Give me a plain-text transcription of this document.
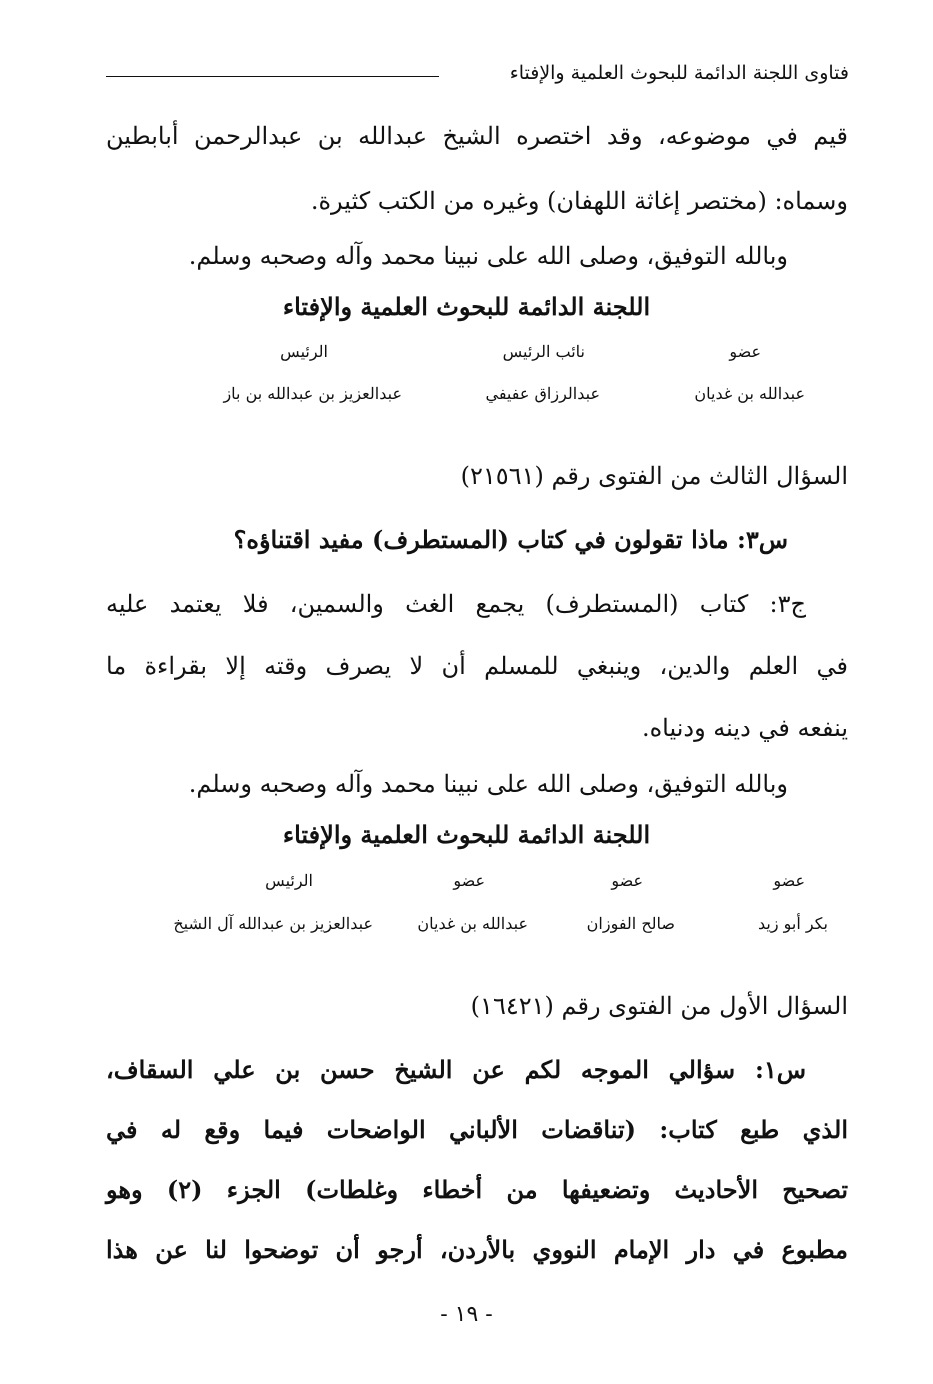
فتاوى اللجنة الدائمة للبحوث العلمية والإفتاء
قيم في موضوعه، وقد اختصره الشيخ عبدالله بن عبدالرحمن أبابطين
وسماه: (مختصر إغاثة اللهفان) وغيره من الكتب كثيرة.
وبالله التوفيق، وصلى الله على نبينا محمد وآله وصحبه وسلم.
اللجنة الدائمة للبحوث العلمية والإفتاء
عضو
نائب الرئيس
الرئيس
عبدالله بن غديان
عبدالرزاق عفيفي
عبدالعزيز بن عبدالله بن باز
السؤال الثالث من الفتوى رقم (٢١٥٦١)
س٣: ماذا تقولون في كتاب (المستطرف) مفيد اقتناؤه؟
ج٣: كتاب (المستطرف) يجمع الغث والسمين، فلا يعتمد عليه
في العلم والدين، وينبغي للمسلم أن لا يصرف وقته إلا بقراءة ما
ينفعه في دينه ودنياه.
وبالله التوفيق، وصلى الله على نبينا محمد وآله وصحبه وسلم.
اللجنة الدائمة للبحوث العلمية والإفتاء
عضو
عضو
عضو
الرئيس
بكر أبو زيد
صالح الفوزان
عبدالله بن غديان
عبدالعزيز بن عبدالله آل الشيخ
السؤال الأول من الفتوى رقم (١٦٤٢١)
س١: سؤالي الموجه لكم عن الشيخ حسن بن علي السقاف،
الذي طبع كتاب: (تناقضات الألباني الواضحات فيما وقع له في
تصحيح الأحاديث وتضعيفها من أخطاء وغلطات) الجزء (٢) وهو
مطبوع في دار الإمام النووي بالأردن، أرجو أن توضحوا لنا عن هذا
- ١٩ -
